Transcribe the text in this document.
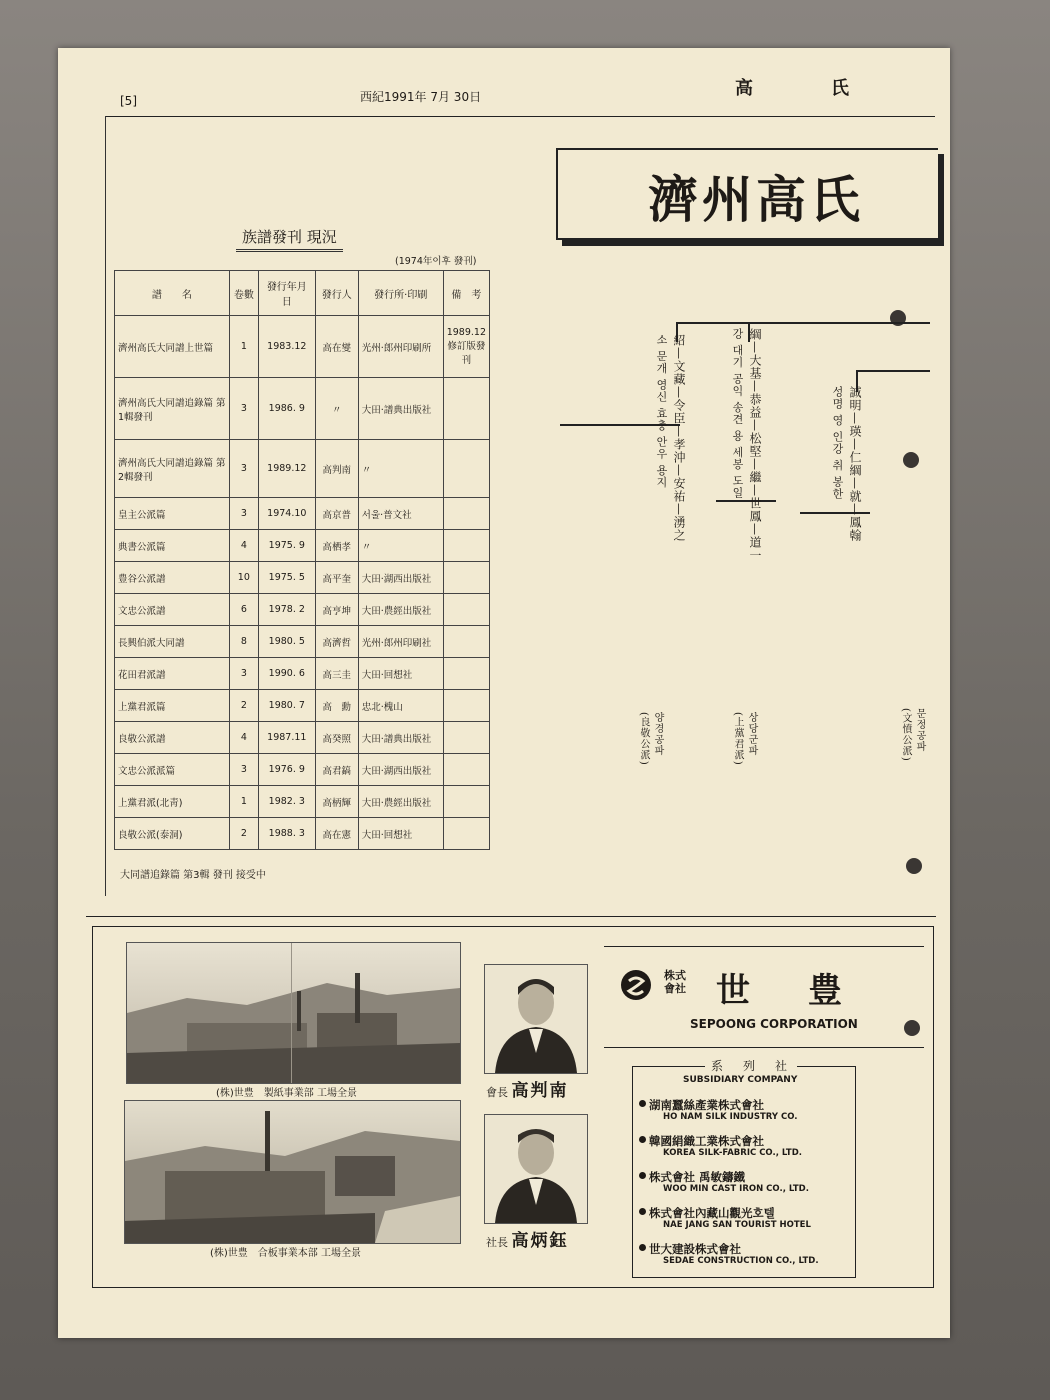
[5]	西紀1991年 7月 30日	高　　氏
濟州高氏
族譜發刊 現況
(1974年이후 發刊)
譜　　名	卷數	發行年月日	發行人	發行所·印刷	備　考
濟州高氏大同譜上世篇	1	1983.12	高在燮	光州·郎州印刷所	1989.12 修訂版發刊
濟州高氏大同譜追錄篇 第1輯發刊	3	1986. 9	〃	大田·譜典出版社	
濟州高氏大同譜追錄篇 第2輯發刊	3	1989.12	高判南	〃	
皇主公派篇	3	1974.10	高京普	서울·普文社	
典書公派篇	4	1975. 9	高栖孝	〃	
豊谷公派譜	10	1975. 5	高平奎	大田·湖西出版社	
文忠公派譜	6	1978. 2	高亨坤	大田·農經出版社	
長興伯派大同譜	8	1980. 5	高濟哲	光州·郎州印刷社	
花田君派譜	3	1990. 6	高三圭	大田·回想社	
上黨君派篇	2	1980. 7	高　勳	忠北·槐山	
良敬公派譜	4	1987.11	高癸照	大田·譜典出版社	
文忠公派派篇	3	1976. 9	高君鎬	大田·湖西出版社	
上黨君派(北靑)	1	1982. 3	高柄輝	大田·農經出版社	
良敬公派(泰洞)	2	1988. 3	高在憲	大田·回想社	
大同譜追錄篇 第3輯 發刊 接受中
紹—文藏—令臣—孝沖—安祐—湧之
소 문개 영신 효충 안우 용지	綱—大基—恭益—松堅—繼—世鳳—道一
강 대기 공익 송견 용 세봉 도일	誠明—瑛—仁綱—就—鳳翰
성명 영 인강 취 봉한
(良敬公派) 양경공파	(上黨君派) 상당군파	(文憤公派) 문정공파
(株)世豊　製紙事業部 工場全景
(株)世豊　合板事業本部 工場全景
會長 高判南
社長 高炳鈺
株式
會社 世　豊
SEPOONG CORPORATION
系　列　社
SUBSIDIARY COMPANY
湖南蠶絲產業株式會社
HO NAM SILK INDUSTRY CO.
韓國絹織工業株式會社
KOREA SILK-FABRIC CO., LTD.
株式會社 禹敏鑄鐵
WOO MIN CAST IRON CO., LTD.
株式會社內藏山觀光호텔
NAE JANG SAN TOURIST HOTEL
世大建設株式會社
SEDAE CONSTRUCTION CO., LTD.
